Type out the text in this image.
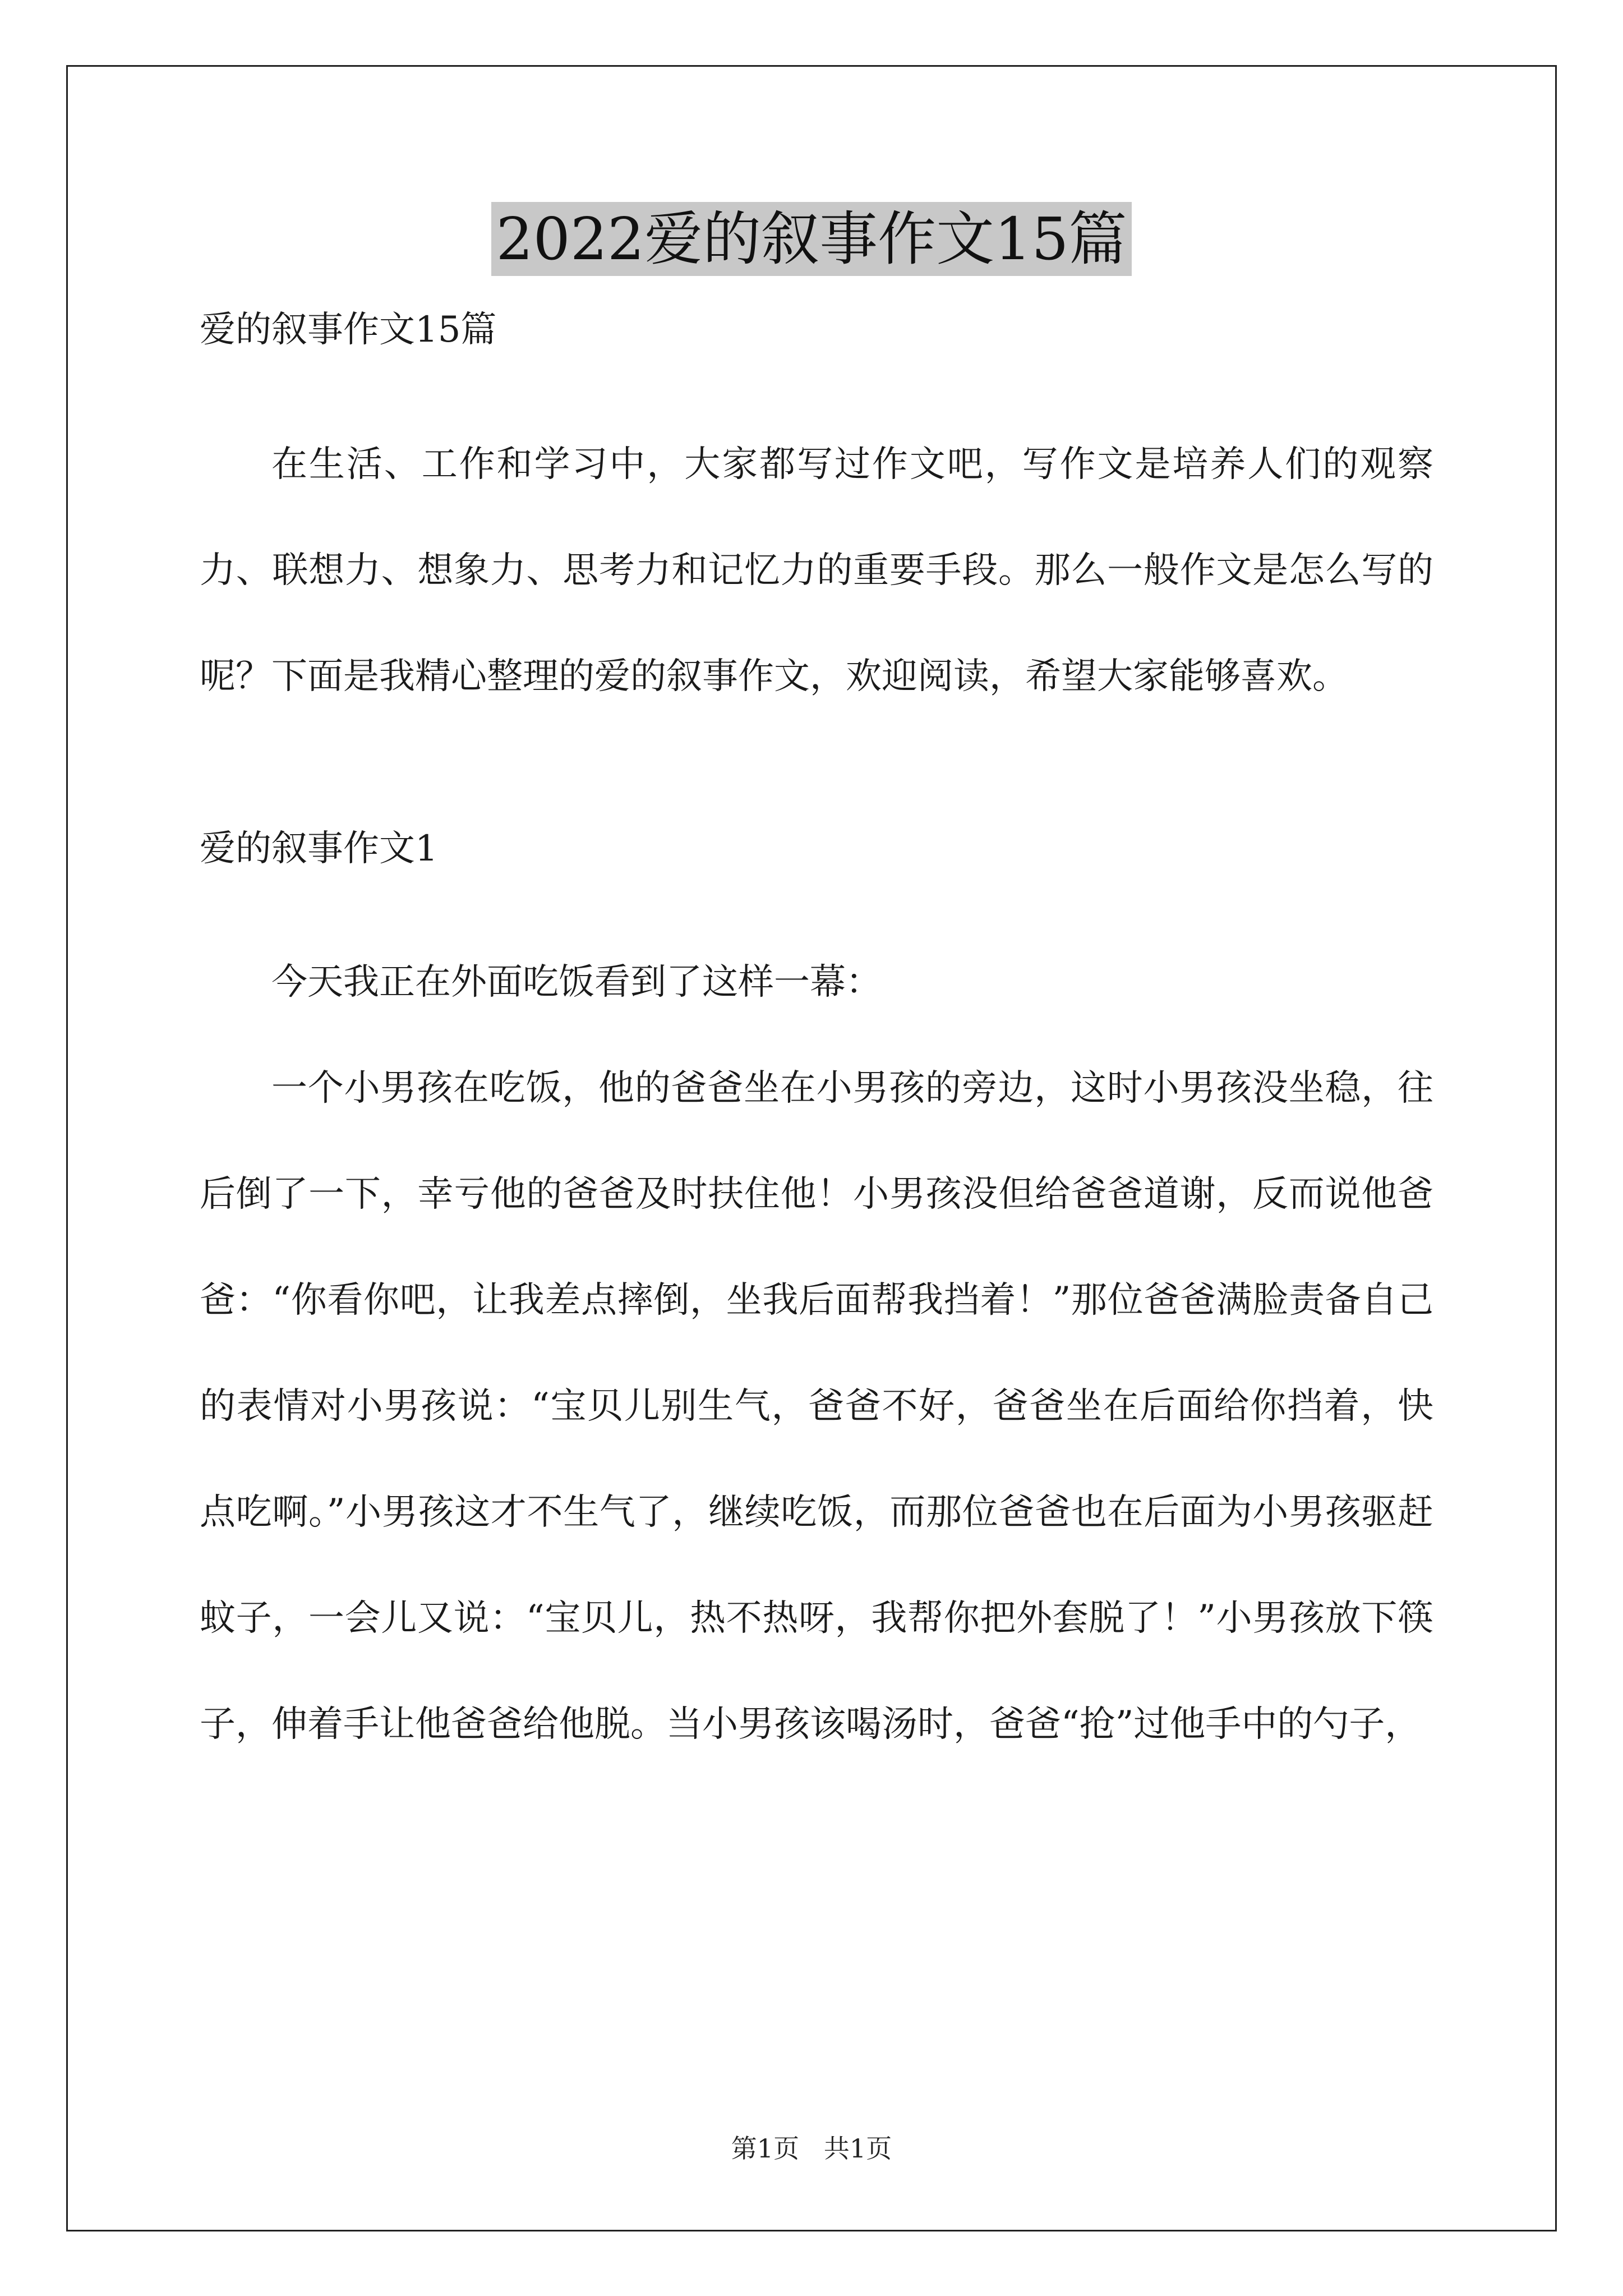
2022爱的叙事作文15篇

爱的叙事作文15篇

在生活、工作和学习中，大家都写过作文吧，写作文是培养人们的观察力、联想力、想象力、思考力和记忆力的重要手段。那么一般作文是怎么写的呢？下面是我精心整理的爱的叙事作文，欢迎阅读，希望大家能够喜欢。

爱的叙事作文1

今天我正在外面吃饭看到了这样一幕：

一个小男孩在吃饭，他的爸爸坐在小男孩的旁边，这时小男孩没坐稳，往后倒了一下，幸亏他的爸爸及时扶住他！小男孩没但给爸爸道谢，反而说他爸爸：“你看你吧，让我差点摔倒，坐我后面帮我挡着！”那位爸爸满脸责备自己的表情对小男孩说：“宝贝儿别生气，爸爸不好，爸爸坐在后面给你挡着，快点吃啊。”小男孩这才不生气了，继续吃饭，而那位爸爸也在后面为小男孩驱赶蚊子，一会儿又说：“宝贝儿，热不热呀，我帮你把外套脱了！”小男孩放下筷子，伸着手让他爸爸给他脱。当小男孩该喝汤时，爸爸“抢”过他手中的勺子，

第1页   共1页
